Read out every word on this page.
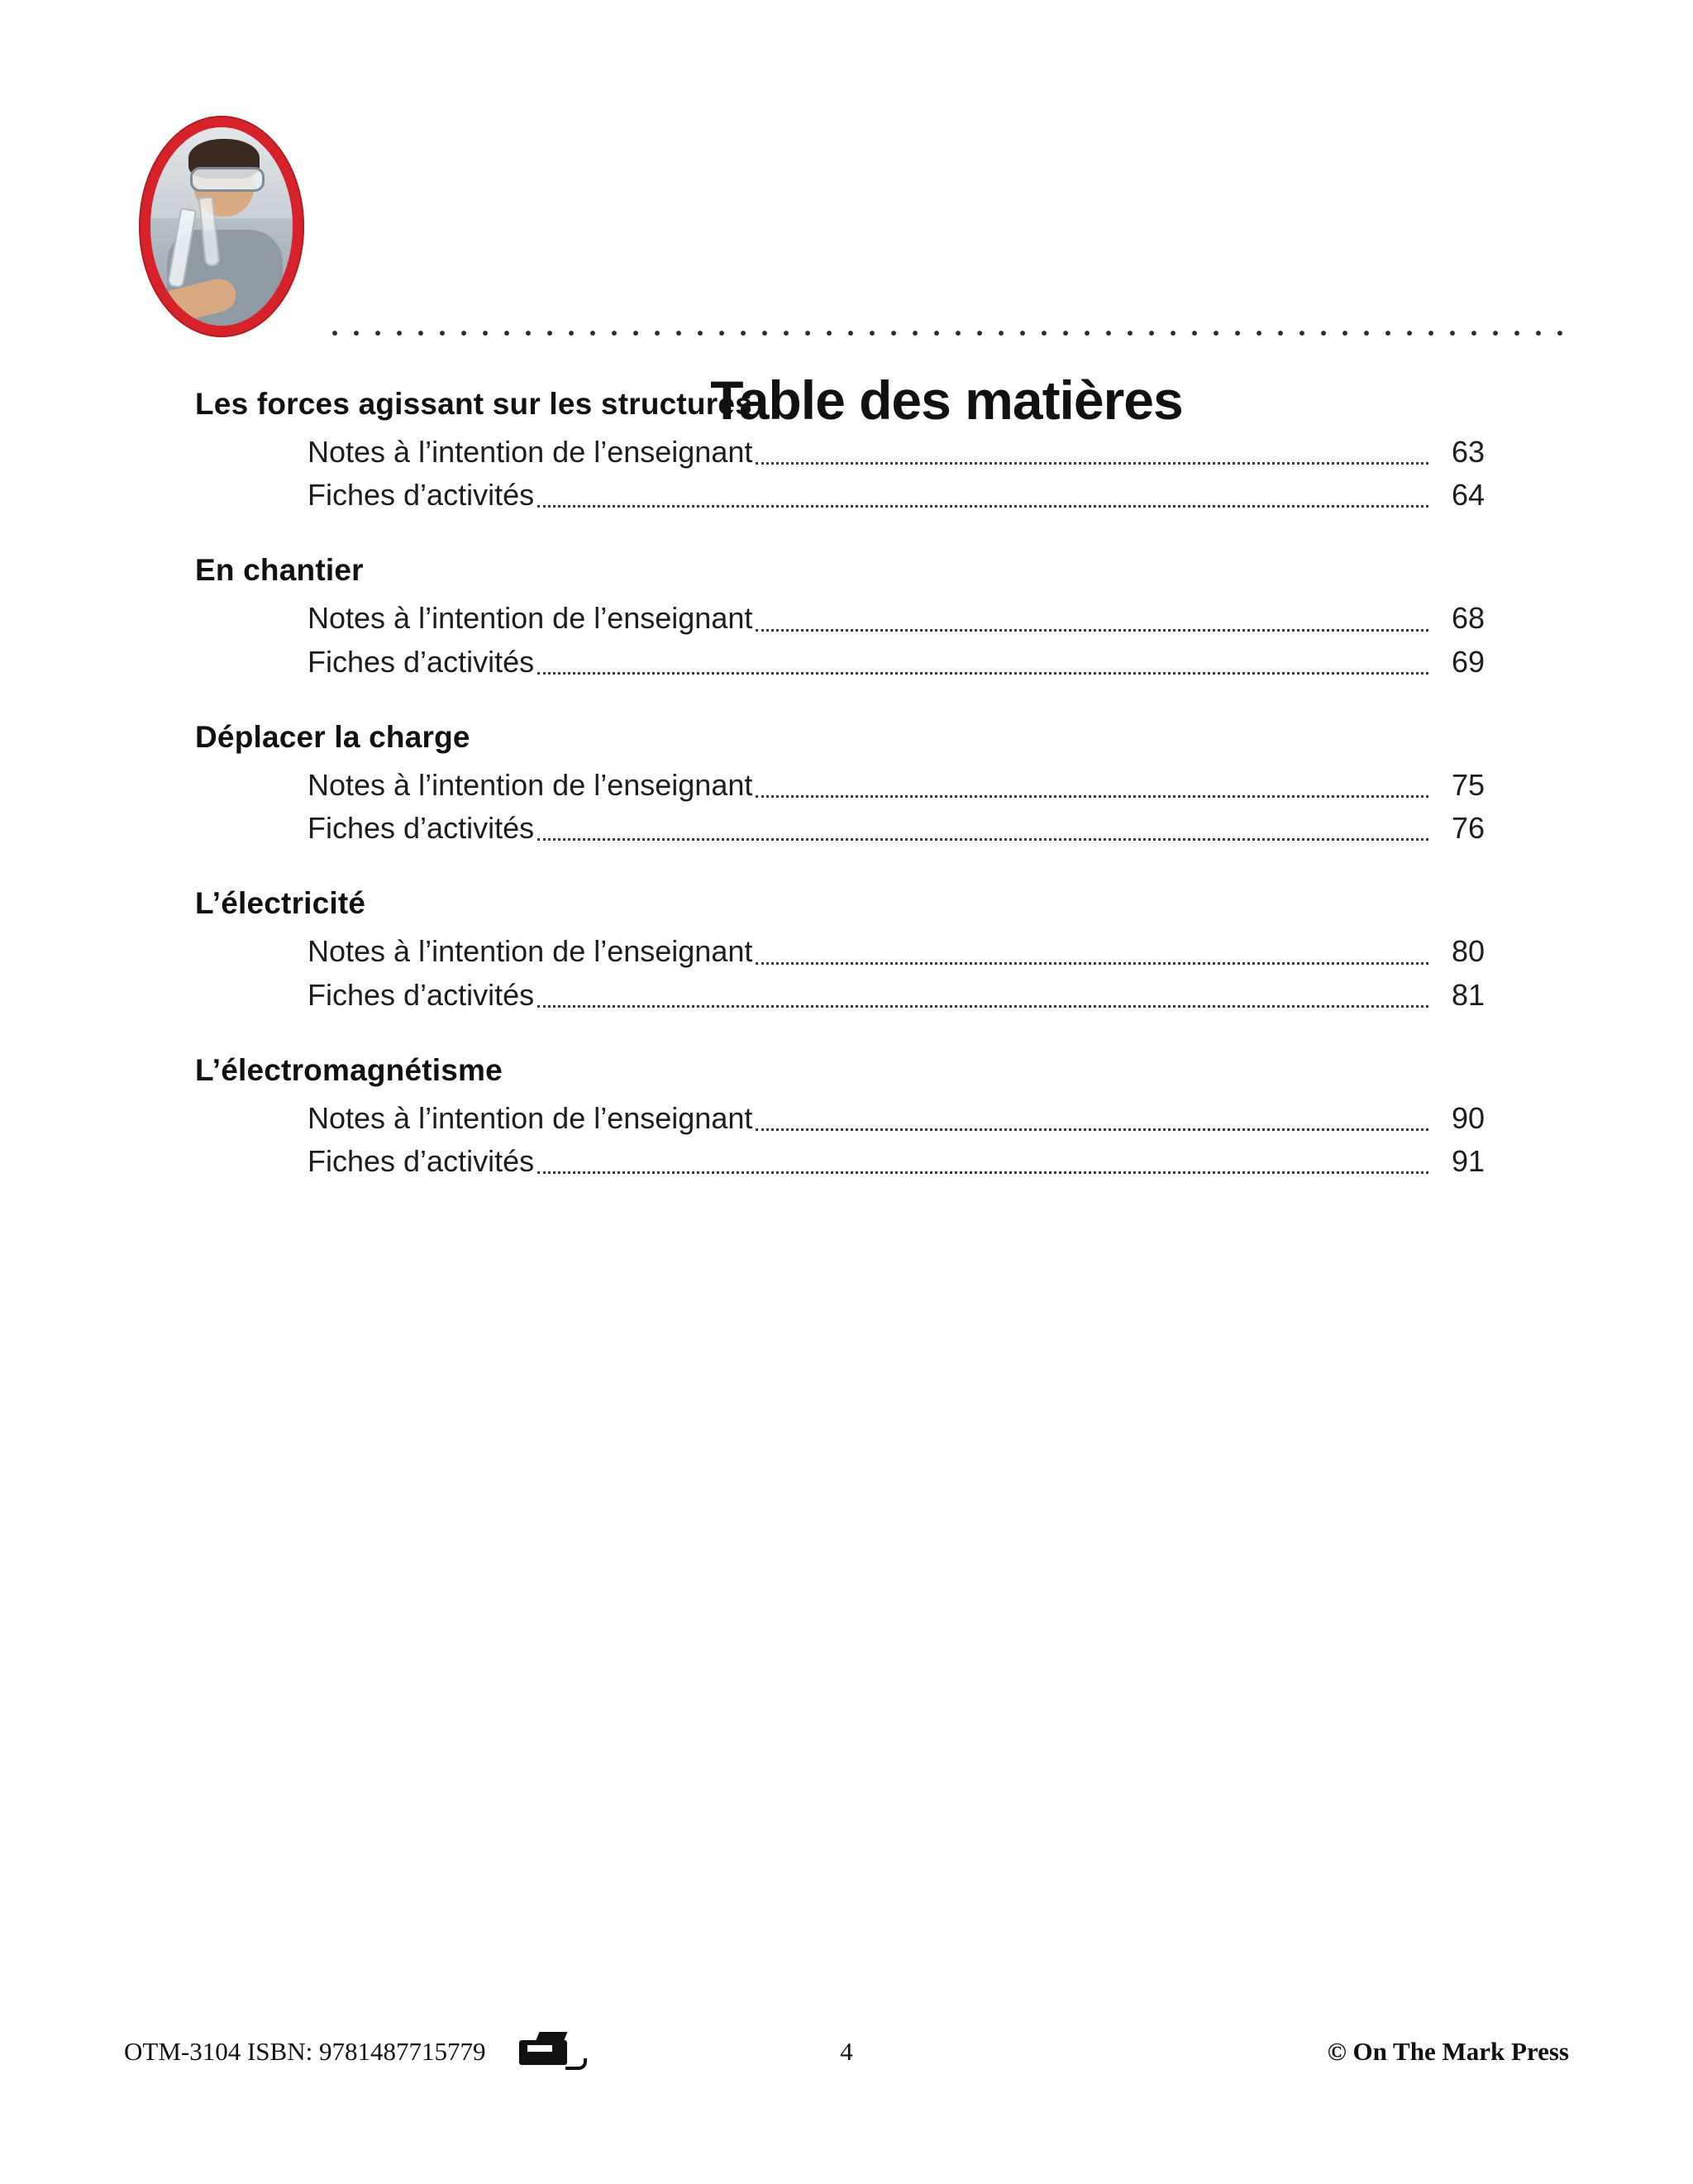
Table des matières
Les forces agissant sur les structures
Notes à l’intention de l’enseignant	63
Fiches d’activités	64
En chantier
Notes à l’intention de l’enseignant	68
Fiches d’activités	69
Déplacer la charge
Notes à l’intention de l’enseignant	75
Fiches d’activités	76
L’électricité
Notes à l’intention de l’enseignant	80
Fiches d’activités	81
L’électromagnétisme
Notes à l’intention de l’enseignant	90
Fiches d’activités	91
OTM-3104 ISBN: 9781487715779	4	© On The Mark Press
